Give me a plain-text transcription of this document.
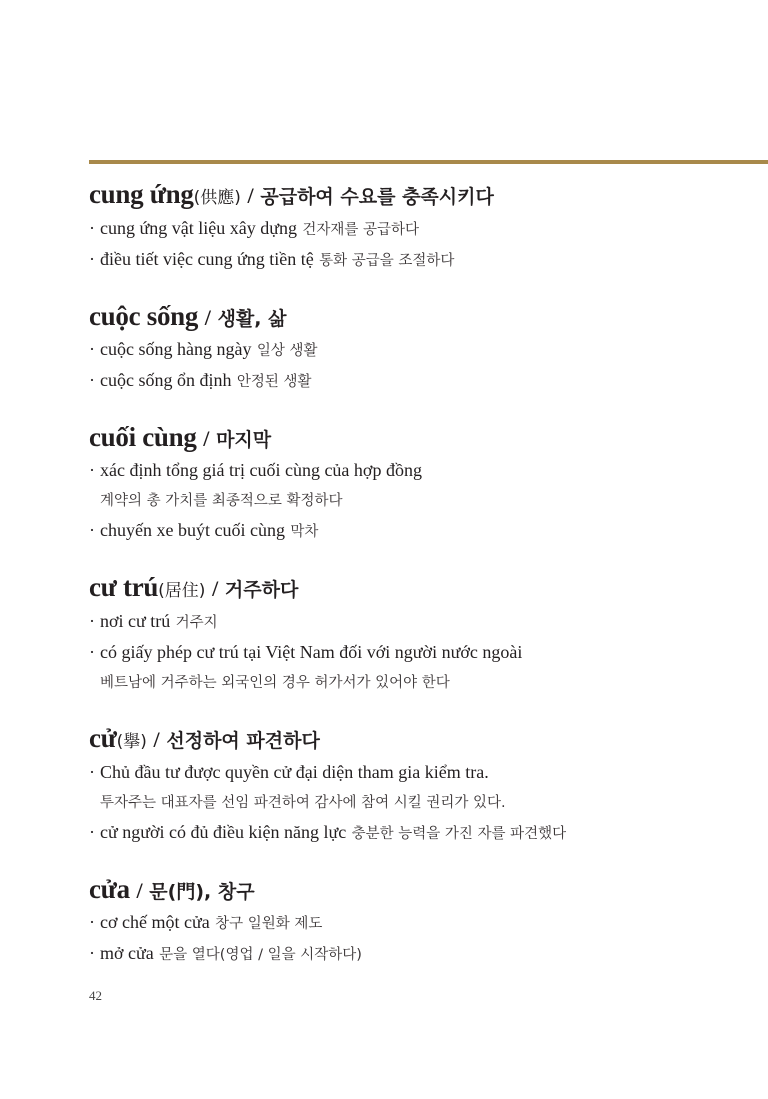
cung ứng(供應) / 공급하여 수요를 충족시키다
· cung ứng vật liệu xây dựng 건자재를 공급하다
· điều tiết việc cung ứng tiền tệ 통화 공급을 조절하다
cuộc sống / 생활, 삶
· cuộc sống hàng ngày 일상 생활
· cuộc sống ổn định 안정된 생활
cuối cùng / 마지막
· xác định tổng giá trị cuối cùng của hợp đồng
계약의 총 가치를 최종적으로 확정하다
· chuyến xe buýt cuối cùng 막차
cư trú(居住) / 거주하다
· nơi cư trú 거주지
· có giấy phép cư trú tại Việt Nam đối với người nước ngoài
베트남에 거주하는 외국인의 경우 허가서가 있어야 한다
cử(擧) / 선정하여 파견하다
· Chủ đầu tư được quyền cử đại diện tham gia kiểm tra.
투자주는 대표자를 선임 파견하여 감사에 참여 시킬 권리가 있다.
· cử người có đủ điều kiện năng lực 충분한 능력을 가진 자를 파견했다
cửa / 문(門), 창구
· cơ chế một cửa 창구 일원화 제도
· mở cửa 문을 열다(영업 / 일을 시작하다)
42
